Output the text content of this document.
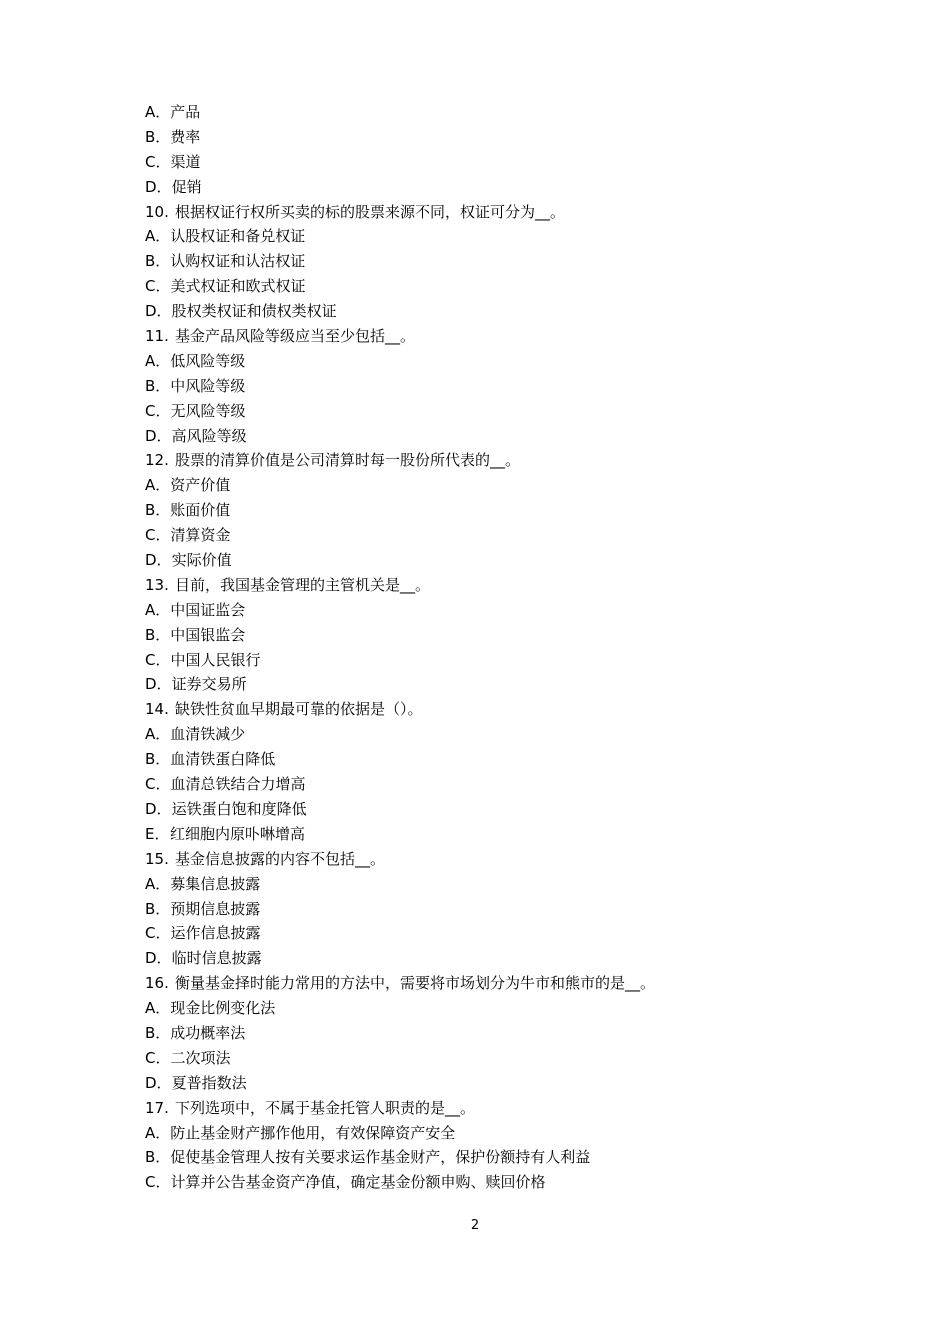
A．产品
B．费率
C．渠道
D．促销
10. 根据权证行权所买卖的标的股票来源不同，权证可分为__。
A．认股权证和备兑权证
B．认购权证和认沽权证
C．美式权证和欧式权证
D．股权类权证和债权类权证
11. 基金产品风险等级应当至少包括__。
A．低风险等级
B．中风险等级
C．无风险等级
D．高风险等级
12. 股票的清算价值是公司清算时每一股份所代表的__。
A．资产价值
B．账面价值
C．清算资金
D．实际价值
13. 目前，我国基金管理的主管机关是__。
A．中国证监会
B．中国银监会
C．中国人民银行
D．证券交易所
14. 缺铁性贫血早期最可靠的依据是（）。
A．血清铁减少
B．血清铁蛋白降低
C．血清总铁结合力增高
D．运铁蛋白饱和度降低
E．红细胞内原卟啉增高
15. 基金信息披露的内容不包括__。
A．募集信息披露
B．预期信息披露
C．运作信息披露
D．临时信息披露
16. 衡量基金择时能力常用的方法中，需要将市场划分为牛市和熊市的是__。
A．现金比例变化法
B．成功概率法
C．二次项法
D．夏普指数法
17. 下列选项中，不属于基金托管人职责的是__。
A．防止基金财产挪作他用，有效保障资产安全
B．促使基金管理人按有关要求运作基金财产，保护份额持有人利益
C．计算并公告基金资产净值，确定基金份额申购、赎回价格
2
